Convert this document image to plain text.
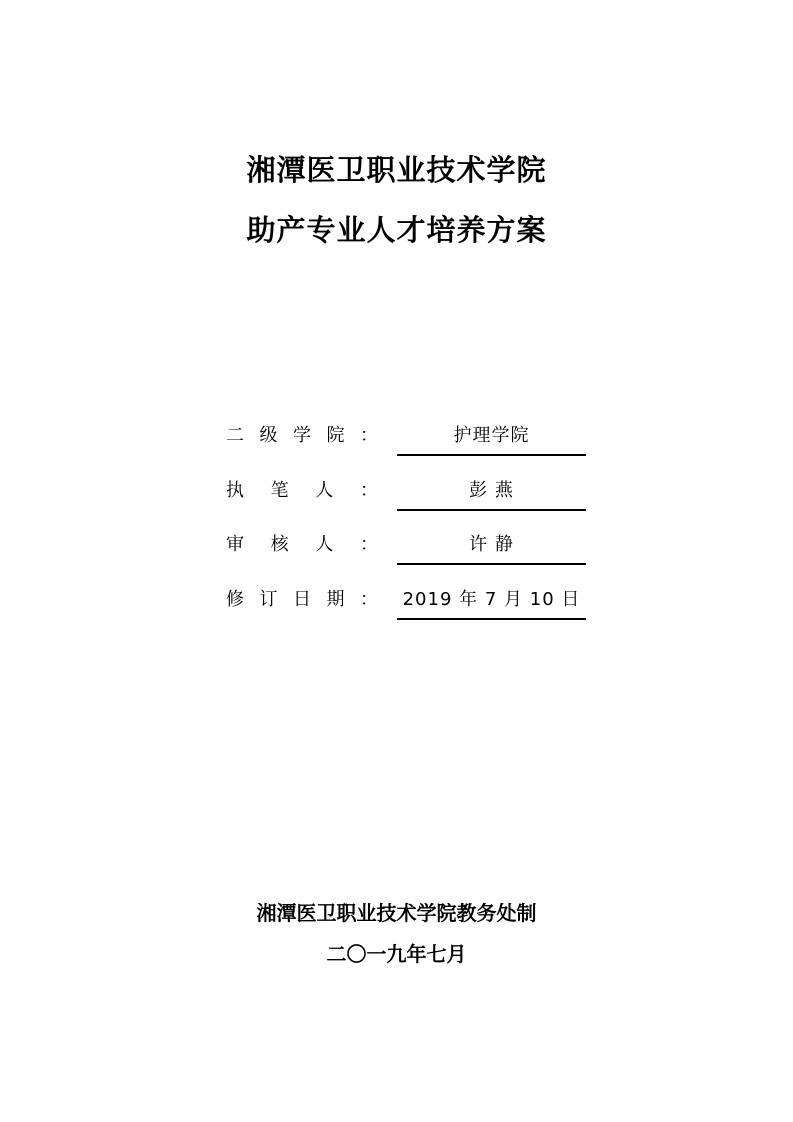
湘潭医卫职业技术学院
助产专业人才培养方案
二 级 学 院 ：	护理学院
执 笔 人 ：	彭 燕
审 核 人 ：	许 静
修 订 日 期 ：	2019 年 7 月 10 日
湘潭医卫职业技术学院教务处制
二〇一九年七月
